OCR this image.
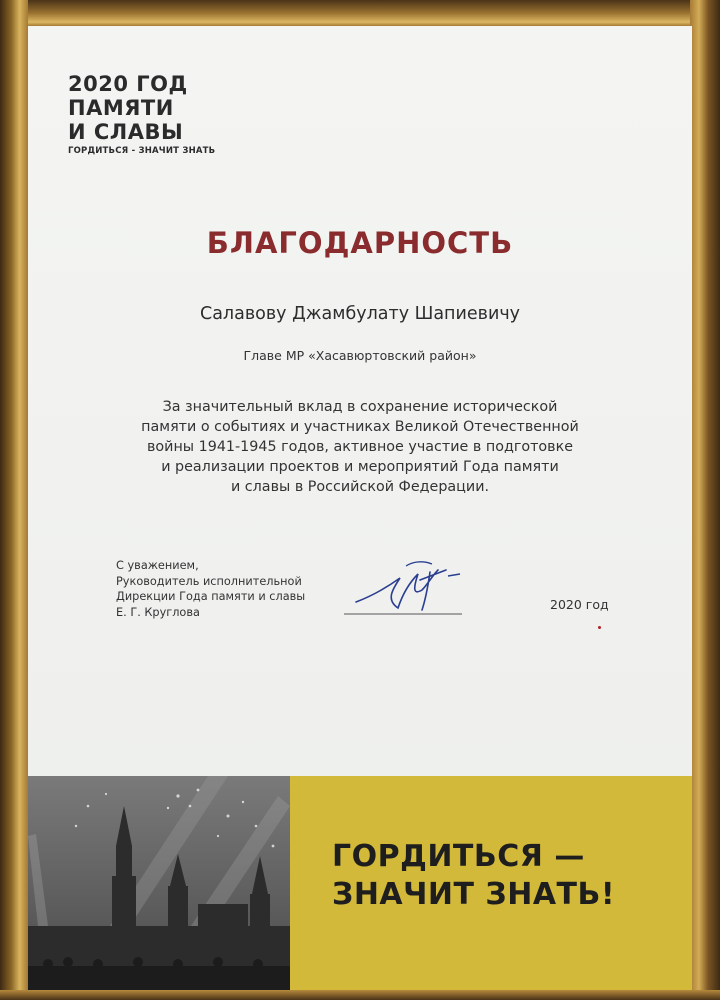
2020 ГОД
ПАМЯТИ
И СЛАВЫ
ГОРДИТЬСЯ - ЗНАЧИТ ЗНАТЬ
БЛАГОДАРНОСТЬ
Салавову Джамбулату Шапиевичу
Главе МР «Хасавюртовский район»
За значительный вклад в сохранение исторической
памяти о событиях и участниках Великой Отечественной
войны 1941-1945 годов, активное участие в подготовке
и реализации проектов и мероприятий Года памяти
и славы в Российской Федерации.
С уважением,
Руководитель исполнительной
Дирекции Года памяти и славы
Е. Г. Круглова	2020 год
ГОРДИТЬСЯ —
ЗНАЧИТ ЗНАТЬ!
